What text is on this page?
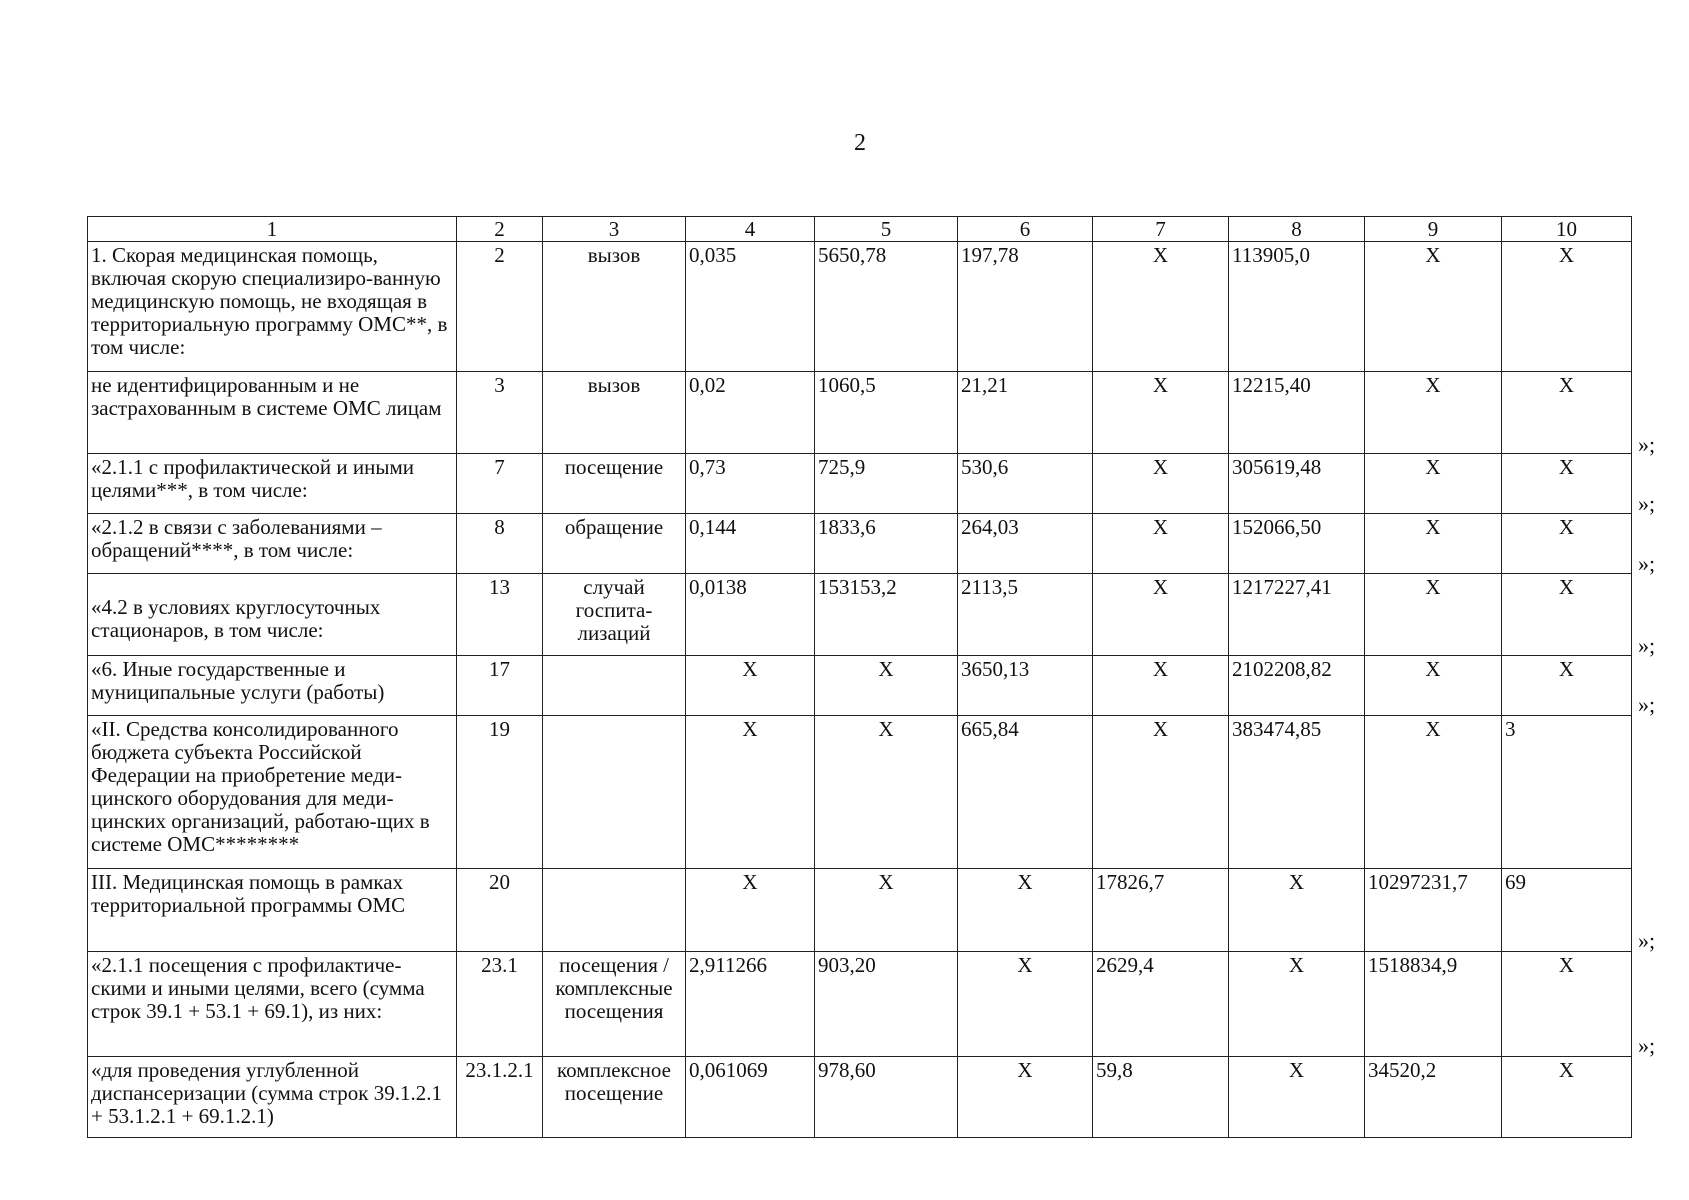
2
1	2	3	4	5	6	7	8	9	10
1. Скорая медицинская помощь, включая скорую специализиро-ванную медицинскую помощь, не входящая в территориальную программу ОМС**, в том числе:	2	вызов	0,035	5650,78	197,78	X	113905,0	X	X
не идентифицированным и не застрахованным в системе ОМС лицам	3	вызов	0,02	1060,5	21,21	X	12215,40	X	X
«2.1.1 с профилактической и иными целями***, в том числе:	7	посещение	0,73	725,9	530,6	X	305619,48	X	X
«2.1.2 в связи с заболеваниями – обращений****, в том числе:	8	обращение	0,144	1833,6	264,03	X	152066,50	X	X
«4.2 в условиях круглосуточных стационаров, в том числе:	13	случай госпита-лизаций	0,0138	153153,2	2113,5	X	1217227,41	X	X
«6. Иные государственные и муниципальные услуги (работы)	17		X	X	3650,13	X	2102208,82	X	X
«II. Средства консолидированного бюджета субъекта Российской Федерации на приобретение меди-цинского оборудования для меди-цинских организаций, работаю-щих в системе ОМС********	19		X	X	665,84	X	383474,85	X	3
III. Медицинская помощь в рамках территориальной программы ОМС	20		X	X	X	17826,7	X	10297231,7	69
«2.1.1 посещения с профилактиче-скими и иными целями, всего (сумма строк 39.1 + 53.1 + 69.1), из них:	23.1	посещения / комплексные посещения	2,911266	903,20	X	2629,4	X	1518834,9	X
«для проведения углубленной диспансеризации (сумма строк 39.1.2.1 + 53.1.2.1 + 69.1.2.1)	23.1.2.1	комплексное посещение	0,061069	978,60	X	59,8	X	34520,2	X
»;
»;
»;
»;
»;
»;
»;
